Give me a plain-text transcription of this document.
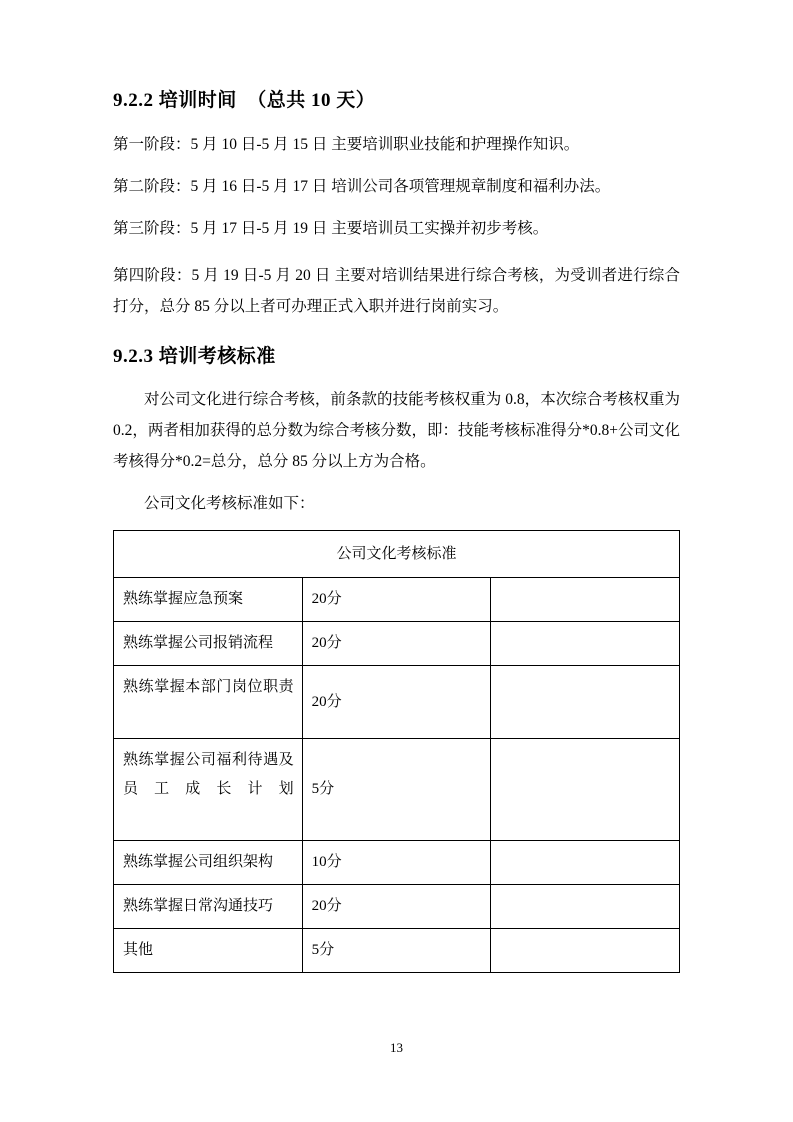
9.2.2 培训时间  （总共 10 天）

第一阶段：5 月 10 日-5 月 15 日 主要培训职业技能和护理操作知识。

第二阶段：5 月 16 日-5 月 17 日 培训公司各项管理规章制度和福利办法。

第三阶段：5 月 17 日-5 月 19 日 主要培训员工实操并初步考核。

第四阶段：5 月 19 日-5 月 20 日 主要对培训结果进行综合考核，为受训者进行综合打分，总分 85 分以上者可办理正式入职并进行岗前实习。

9.2.3 培训考核标准

对公司文化进行综合考核，前条款的技能考核权重为 0.8，本次综合考核权重为 0.2，两者相加获得的总分数为综合考核分数，即：技能考核标准得分*0.8+公司文化考核得分*0.2=总分，总分 85 分以上方为合格。

公司文化考核标准如下：

公司文化考核标准		
熟练掌握应急预案	20分	
熟练掌握公司报销流程	20分	
熟练掌握本部门岗位职责	20分	
熟练掌握公司福利待遇及员工成长计划	5分	
熟练掌握公司组织架构	10分	
熟练掌握日常沟通技巧	20分	
其他	5分	
13
